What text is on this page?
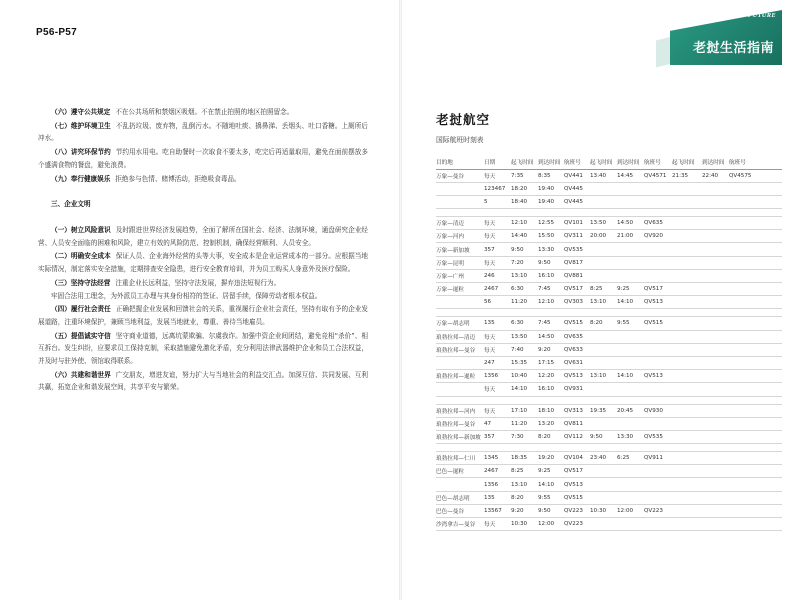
P56-P57
（六）遵守公共规定 不在公共场所和禁烟区吸烟。不在禁止拍照的地区拍照留念。
（七）维护环境卫生 不乱扔垃圾、废弃物，乱倒污水。不随地吐痰、擤鼻涕、丢烟头、吐口香糖。上厕所后冲水。
（八）讲究环保节约 节约用水用电。吃自助餐时一次取食不要太多，吃完后再适量取用，避免在面前摆放多个盛满食物的餐盘，避免浪费。
（九）奉行健康娱乐 拒绝参与色情、赌博活动，拒绝吸食毒品。
三、企业文明
（一）树立风险意识 及时跟进世界经济发展趋势，全面了解所在国社会、经济、法制环境，通盘研究企业经营、人员安全面临的困难和风险，建立有效的风险防范、控制机制，确保经营顺利、人员安全。
（二）明确安全成本 保证人员、企业海外经营的头等大事，安全成本是企业运营成本的一部分。应根据当地实际情况，制定落实安全措施，定期排查安全隐患，进行安全教育培训，并为员工购买人身意外及医疗保险。
（三）坚持守法经营 注重企业长远利益，坚持守法发展，摒弃违法短视行为。
牢固合法用工理念，为外派员工办理与其身份相符的签证、居留手续，保障劳动者根本权益。
（四）履行社会责任 正确把握企业发展和回馈社会的关系，重视履行企业社会责任，坚持有取有予的企业发展道路，注重环境保护，兼顾当地利益，发展当地就业，尊重、善待当地雇员。
（五）提倡诚实守信 坚守商业道德，远离坑蒙欺骗、尔虞我诈。加强中资企业间团结，避免竞相“杀价”、相互拆台。发生纠纷，应要求员工保持克制，采取措施避免激化矛盾，充分利用法律武器维护企业和员工合法权益，并及时与驻外使、领馆取得联系。
（六）共建和谐世界 广交朋友，增进友谊，努力扩大与当地社会的利益交汇点。加深互信、共同发展、互利共赢，拓宽企业和谐发展空间，共享平安与繁荣。
LAO FUTURE
老挝生活指南
老挝航空
国际航班时刻表
目的地	日期	起飞时间	到达时间	航班号	起飞时间	到达时间	航班号	起飞时间	到达时间	航班号
万象—曼谷	每天	7:35	8:35	QV441	13:40	14:45	QV4571	21:35	22:40	QV4575
	123467	18:20	19:40	QV445						
	5	18:40	19:40	QV445						

万象—清迈	每天	12:10	12:55	QV101	13:50	14:50	QV635			
万象—河内	每天	14:40	15:50	QV311	20:00	21:00	QV920			
万象—新加坡	357	9:50	13:30	QV535						
万象—昆明	每天	7:20	9:50	QV817						
万象—广州	246	13:10	16:10	QV881						
万象—暹粒	2467	6:30	7:45	QV517	8:25	9:25	QV517			
	56	11:20	12:10	QV303	13:10	14:10	QV513			

万象—胡志明	135	6:30	7:45	QV515	8:20	9:55	QV515			
琅勃拉邦—清迈	每天	13:50	14:50	QV635						
琅勃拉邦—曼谷	每天	7:40	9:20	QV633						
	247	15:35	17:15	QV631						
琅勃拉邦—暹粒	1356	10:40	12:20	QV513	13:10	14:10	QV513			
	每天	14:10	16:10	QV931						

琅勃拉邦—河内	每天	17:10	18:10	QV313	19:35	20:45	QV930			
琅勃拉邦—曼谷	47	11:20	13:20	QV811						
琅勃拉邦—新加坡	357	7:30	8:20	QV112	9:50	13:30	QV535			

琅勃拉邦—仁川	1345	18:35	19:20	QV104	23:40	6:25	QV911			
巴色—暹粒	2467	8:25	9:25	QV517						
	1356	13:10	14:10	QV513						
巴色—胡志明	135	8:20	9:55	QV515						
巴色—曼谷	13567	9:20	9:50	QV223	10:30	12:00	QV223			
沙湾拿吉—曼谷	每天	10:30	12:00	QV223						
